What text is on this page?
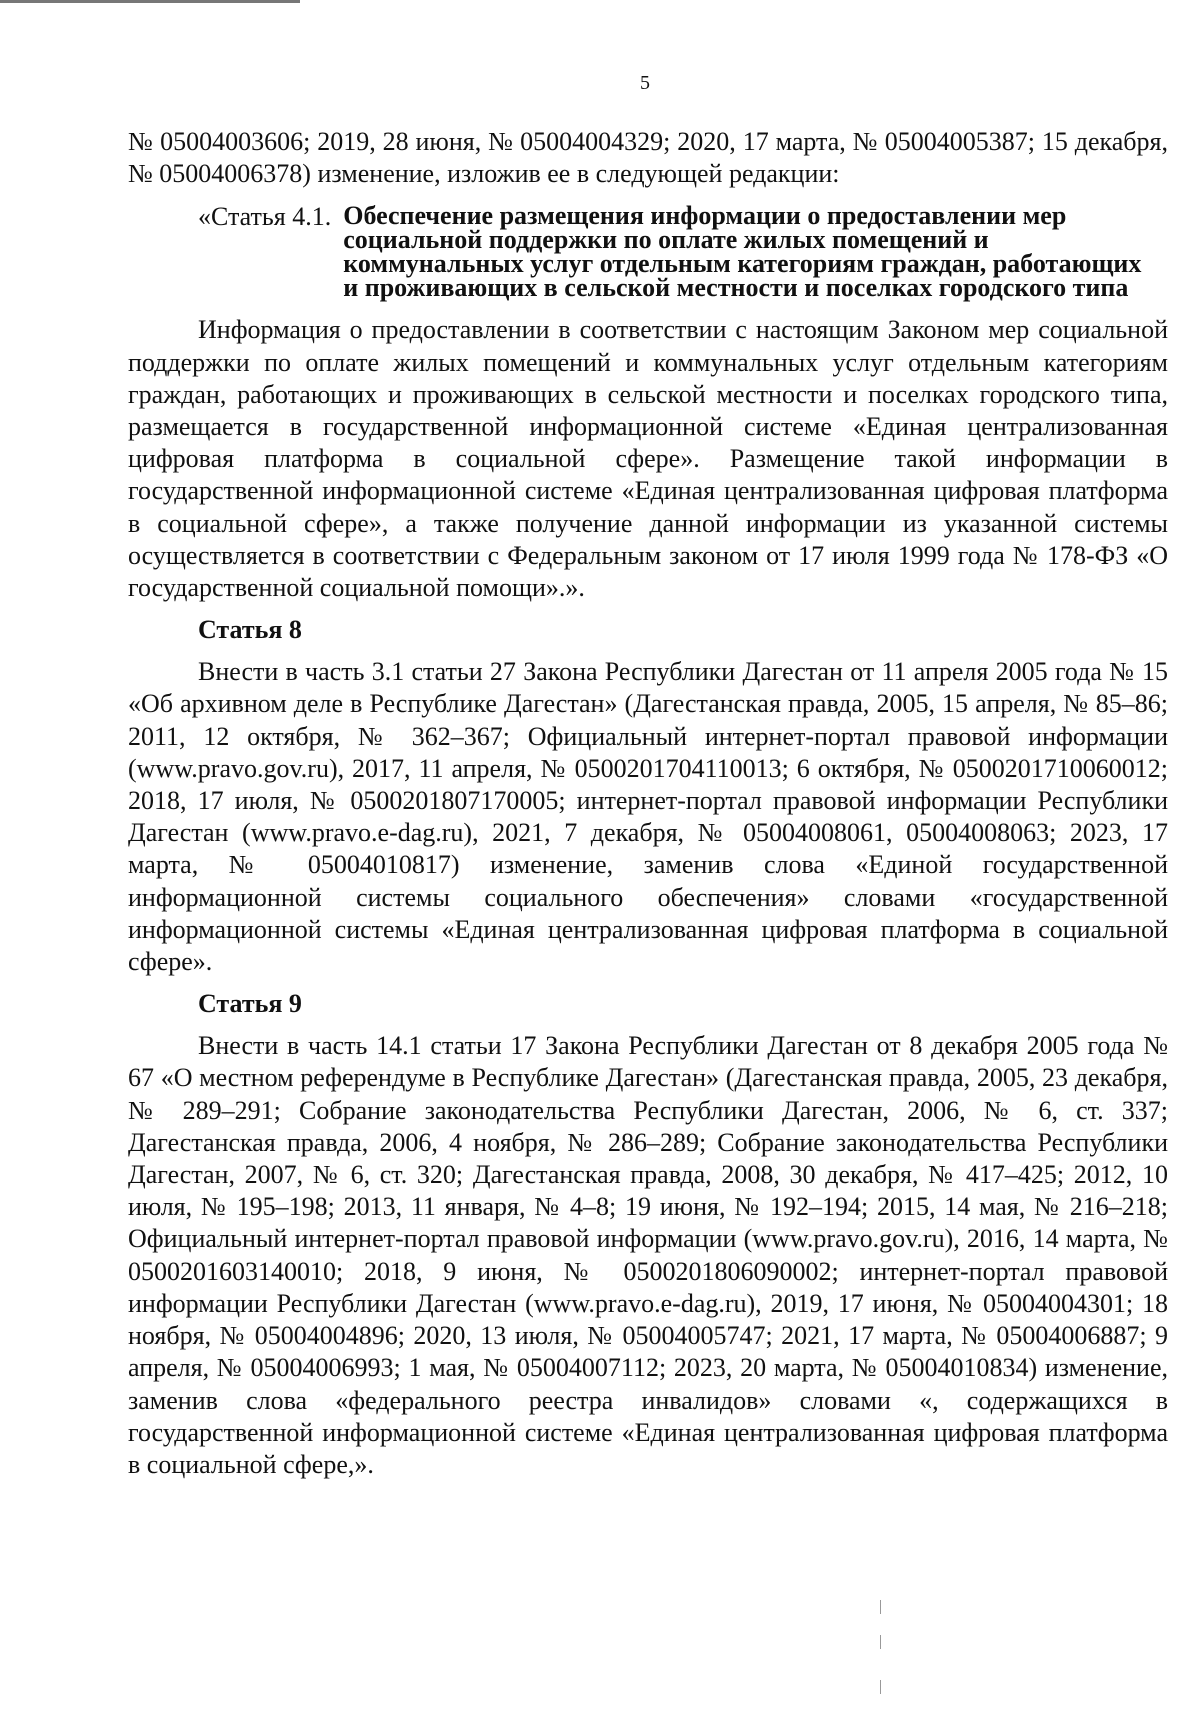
5

№ 05004003606; 2019, 28 июня, № 05004004329; 2020, 17 марта, № 05004005387; 15 декабря, № 05004006378) изменение, изложив ее в следующей редакции:

«Статья 4.1. Обеспечение размещения информации о предоставлении мер социальной поддержки по оплате жилых помещений и коммунальных услуг отдельным категориям граждан, работающих и проживающих в сельской местности и поселках городского типа

Информация о предоставлении в соответствии с настоящим Законом мер социальной поддержки по оплате жилых помещений и коммунальных услуг отдельным категориям граждан, работающих и проживающих в сельской местности и поселках городского типа, размещается в государственной информационной системе «Единая централизованная цифровая платформа в социальной сфере». Размещение такой информации в государственной информационной системе «Единая централизованная цифровая платформа в социальной сфере», а также получение данной информации из указанной системы осуществляется в соответствии с Федеральным законом от 17 июля 1999 года № 178-ФЗ «О государственной социальной помощи».».

Статья 8

Внести в часть 3.1 статьи 27 Закона Республики Дагестан от 11 апреля 2005 года № 15 «Об архивном деле в Республике Дагестан» (Дагестанская правда, 2005, 15 апреля, № 85–86; 2011, 12 октября, № 362–367; Официальный интернет-портал правовой информации (www.pravo.gov.ru), 2017, 11 апреля, № 0500201704110013; 6 октября, № 0500201710060012; 2018, 17 июля, № 0500201807170005; интернет-портал правовой информации Республики Дагестан (www.pravo.e-dag.ru), 2021, 7 декабря, № 05004008061, 05004008063; 2023, 17 марта, № 05004010817) изменение, заменив слова «Единой государственной информационной системы социального обеспечения» словами «государственной информационной системы «Единая централизованная цифровая платформа в социальной сфере».

Статья 9

Внести в часть 14.1 статьи 17 Закона Республики Дагестан от 8 декабря 2005 года № 67 «О местном референдуме в Республике Дагестан» (Дагестанская правда, 2005, 23 декабря, № 289–291; Собрание законодательства Республики Дагестан, 2006, № 6, ст. 337; Дагестанская правда, 2006, 4 ноября, № 286–289; Собрание законодательства Республики Дагестан, 2007, № 6, ст. 320; Дагестанская правда, 2008, 30 декабря, № 417–425; 2012, 10 июля, № 195–198; 2013, 11 января, № 4–8; 19 июня, № 192–194; 2015, 14 мая, № 216–218; Официальный интернет-портал правовой информации (www.pravo.gov.ru), 2016, 14 марта, № 0500201603140010; 2018, 9 июня, № 0500201806090002; интернет-портал правовой информации Республики Дагестан (www.pravo.e-dag.ru), 2019, 17 июня, № 05004004301; 18 ноября, № 05004004896; 2020, 13 июля, № 05004005747; 2021, 17 марта, № 05004006887; 9 апреля, № 05004006993; 1 мая, № 05004007112; 2023, 20 марта, № 05004010834) изменение, заменив слова «федерального реестра инвалидов» словами «, содержащихся в государственной информационной системе «Единая централизованная цифровая платформа в социальной сфере,».
